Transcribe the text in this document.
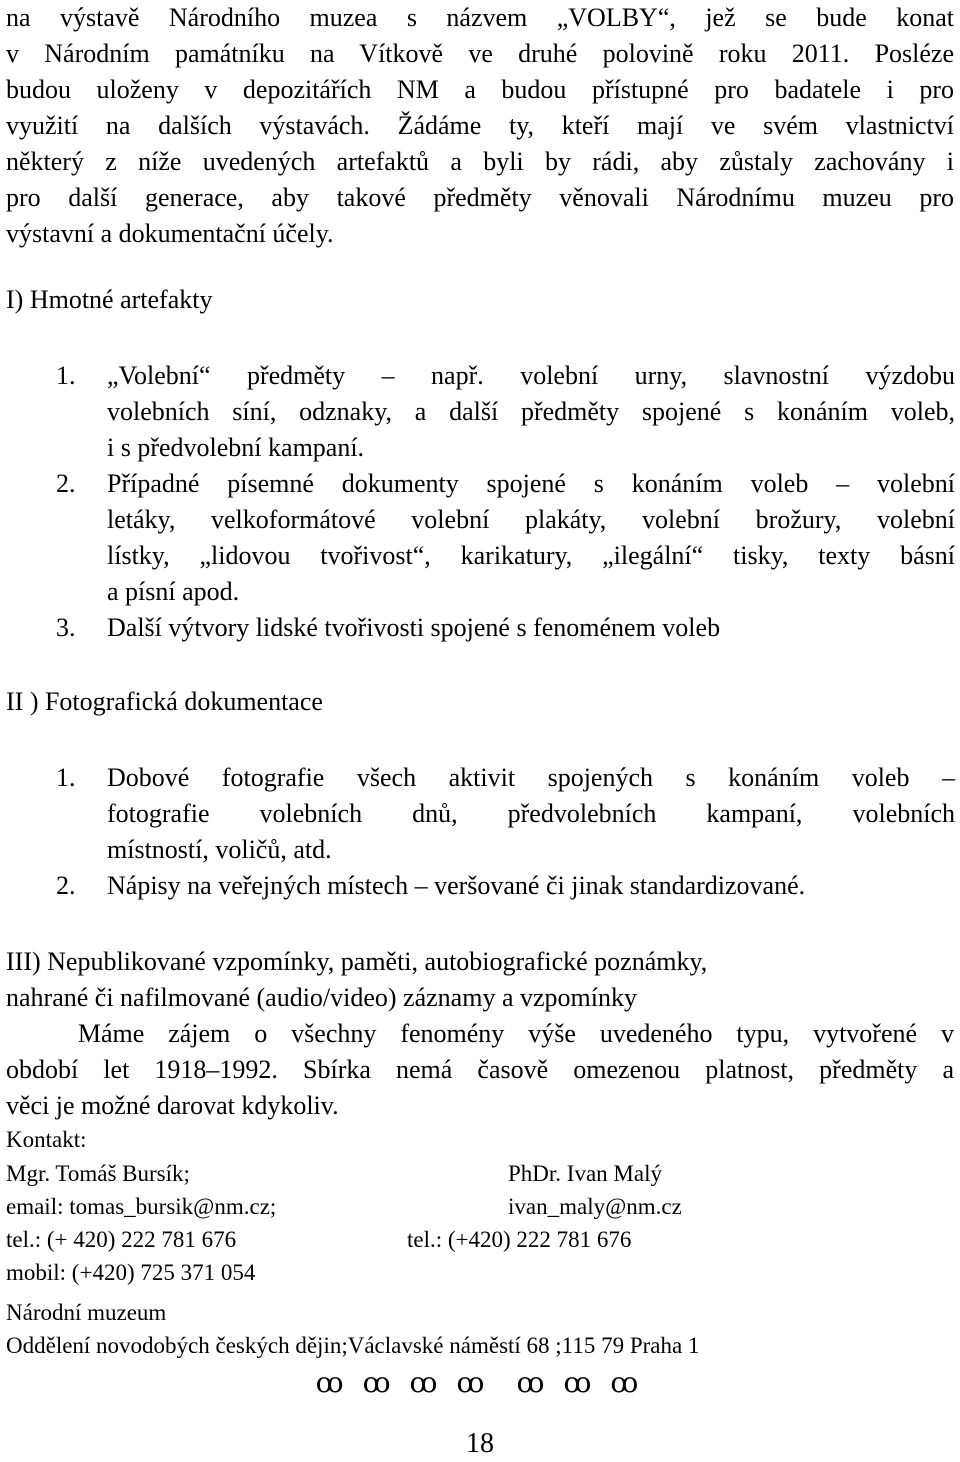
na výstavě Národního muzea s názvem „VOLBY“, jež se bude konat
v Národním památníku na Vítkově ve druhé polovině roku 2011. Posléze
budou uloženy v depozitářích NM a budou přístupné pro badatele i pro
využití na dalších výstavách. Žádáme ty, kteří mají ve svém vlastnictví
některý z níže uvedených artefaktů a byli by rádi, aby zůstaly zachovány i
pro další generace, aby takové předměty věnovali Národnímu muzeu pro
výstavní a dokumentační účely.
I) Hmotné artefakty
1. „Volební“ předměty – např. volební urny, slavnostní výzdobu
volebních síní, odznaky, a další předměty spojené s konáním voleb,
i s předvolební kampaní.
2. Případné písemné dokumenty spojené s konáním voleb – volební
letáky, velkoformátové volební plakáty, volební brožury, volební
lístky, „lidovou tvořivost“, karikatury, „ilegální“ tisky, texty básní
a písní apod.
3. Další výtvory lidské tvořivosti spojené s fenoménem voleb
II ) Fotografická dokumentace
1. Dobové fotografie všech aktivit spojených s konáním voleb –
fotografie volebních dnů, předvolebních kampaní, volebních
místností, voličů, atd.
2. Nápisy na veřejných místech – veršované či jinak standardizované.
III) Nepublikované vzpomínky, paměti, autobiografické poznámky,
nahrané či nafilmované (audio/video) záznamy a vzpomínky
Máme zájem o všechny fenomény výše uvedeného typu, vytvořené v
období let 1918–1992. Sbírka nemá časově omezenou platnost, předměty a
věci je možné darovat kdykoliv.
Kontakt:
Mgr. Tomáš Bursík;	PhDr. Ivan Malý
email: tomas_bursik@nm.cz;	ivan_maly@nm.cz
tel.: (+ 420) 222 781 676	tel.: (+420) 222 781 676
mobil: (+420) 725 371 054
Národní muzeum
Oddělení novodobých českých dějin;Václavské náměstí 68 ;115 79 Praha 1
ꝏ ꝏ ꝏ ꝏ  ꝏ ꝏ ꝏ
18
